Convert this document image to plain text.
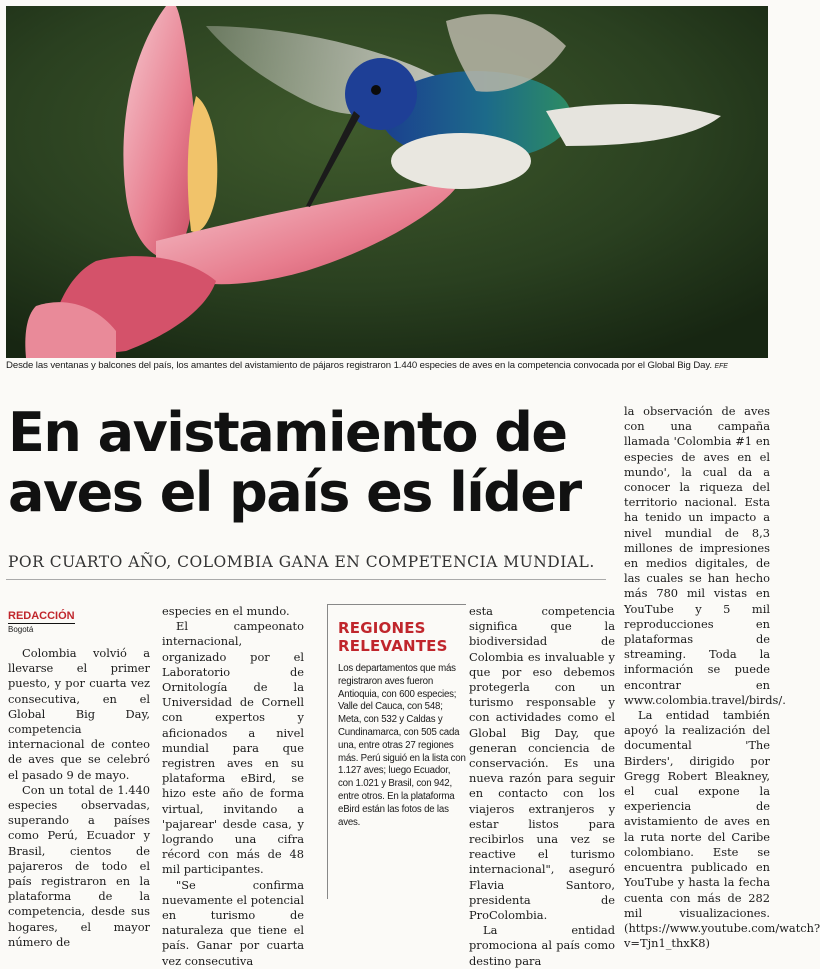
Desde las ventanas y balcones del país, los amantes del avistamiento de pájaros registraron 1.440 especies de aves en la competencia convocada por el Global Big Day. EFE
En avistamiento de aves el país es líder
POR CUARTO AÑO, COLOMBIA GANA EN COMPETENCIA MUNDIAL.
REDACCIÓN
Bogotá

Colombia volvió a llevarse el primer puesto, y por cuarta vez consecutiva, en el Global Big Day, competencia internacional de conteo de aves que se celebró el pasado 9 de mayo.

Con un total de 1.440 especies observadas, superando a países como Perú, Ecuador y Brasil, cientos de pajareros de todo el país registraron en la plataforma de la competencia, desde sus hogares, el mayor número de

especies en el mundo.

El campeonato internacional, organizado por el Laboratorio de Ornitología de la Universidad de Cornell con expertos y aficionados a nivel mundial para que registren aves en su plataforma eBird, se hizo este año de forma virtual, invitando a 'pajarear' desde casa, y logrando una cifra récord con más de 48 mil participantes.

"Se confirma nuevamente el potencial en turismo de naturaleza que tiene el país. Ganar por cuarta vez consecutiva

REGIONES RELEVANTES
Los departamentos que más registraron aves fueron Antioquia, con 600 especies; Valle del Cauca, con 548; Meta, con 532 y Caldas y Cundinamarca, con 505 cada una, entre otras 27 regiones más. Perú siguió en la lista con 1.127 aves; luego Ecuador, con 1.021 y Brasil, con 942, entre otros. En la plataforma eBird están las fotos de las aves.

esta competencia significa que la biodiversidad de Colombia es invaluable y que por eso debemos protegerla con un turismo responsable y con actividades como el Global Big Day, que generan conciencia de conservación. Es una nueva razón para seguir en contacto con los viajeros extranjeros y estar listos para recibirlos una vez se reactive el turismo internacional", aseguró Flavia Santoro, presidenta de ProColombia.

La entidad promociona al país como destino para

la observación de aves con una campaña llamada 'Colombia #1 en especies de aves en el mundo', la cual da a conocer la riqueza del territorio nacional. Esta ha tenido un impacto a nivel mundial de 8,3 millones de impresiones en medios digitales, de las cuales se han hecho más 780 mil vistas en YouTube y 5 mil reproducciones en plataformas de streaming. Toda la información se puede encontrar en www.colombia.travel/birds/.

La entidad también apoyó la realización del documental 'The Birders', dirigido por Gregg Robert Bleakney, el cual expone la experiencia de avistamiento de aves en la ruta norte del Caribe colombiano. Este se encuentra publicado en YouTube y hasta la fecha cuenta con más de 282 mil visualizaciones. (https://www.youtube.com/watch?v=Tjn1_thxK8)
